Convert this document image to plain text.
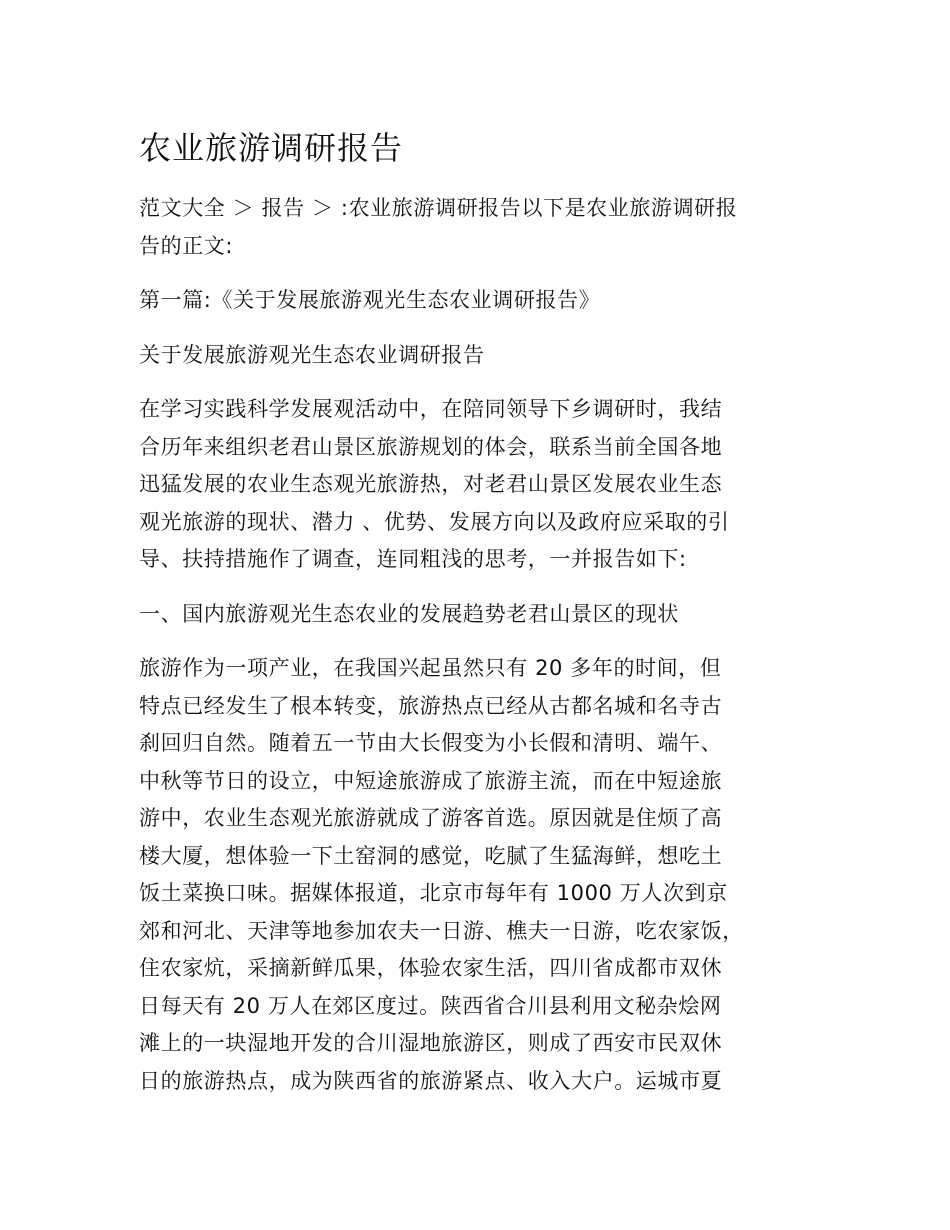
农业旅游调研报告

范文大全 ＞ 报告 ＞ :农业旅游调研报告以下是农业旅游调研报
告的正文:

第一篇:《关于发展旅游观光生态农业调研报告》

关于发展旅游观光生态农业调研报告

在学习实践科学发展观活动中，在陪同领导下乡调研时，我结
合历年来组织老君山景区旅游规划的体会，联系当前全国各地
迅猛发展的农业生态观光旅游热，对老君山景区发展农业生态
观光旅游的现状、潜力 、优势、发展方向以及政府应采取的引
导、扶持措施作了调查，连同粗浅的思考，一并报告如下:

一、国内旅游观光生态农业的发展趋势老君山景区的现状

旅游作为一项产业，在我国兴起虽然只有 20 多年的时间，但
特点已经发生了根本转变，旅游热点已经从古都名城和名寺古
刹回归自然。随着五一节由大长假变为小长假和清明、端午、
中秋等节日的设立，中短途旅游成了旅游主流，而在中短途旅
游中，农业生态观光旅游就成了游客首选。原因就是住烦了高
楼大厦，想体验一下土窑洞的感觉，吃腻了生猛海鲜，想吃土
饭土菜换口味。据媒体报道，北京市每年有 1000 万人次到京
郊和河北、天津等地参加农夫一日游、樵夫一日游，吃农家饭，
住农家炕，采摘新鲜瓜果，体验农家生活，四川省成都市双休
日每天有 20 万人在郊区度过。陕西省合川县利用文秘杂烩网
滩上的一块湿地开发的合川湿地旅游区，则成了西安市民双休
日的旅游热点，成为陕西省的旅游紧点、收入大户。运城市夏
